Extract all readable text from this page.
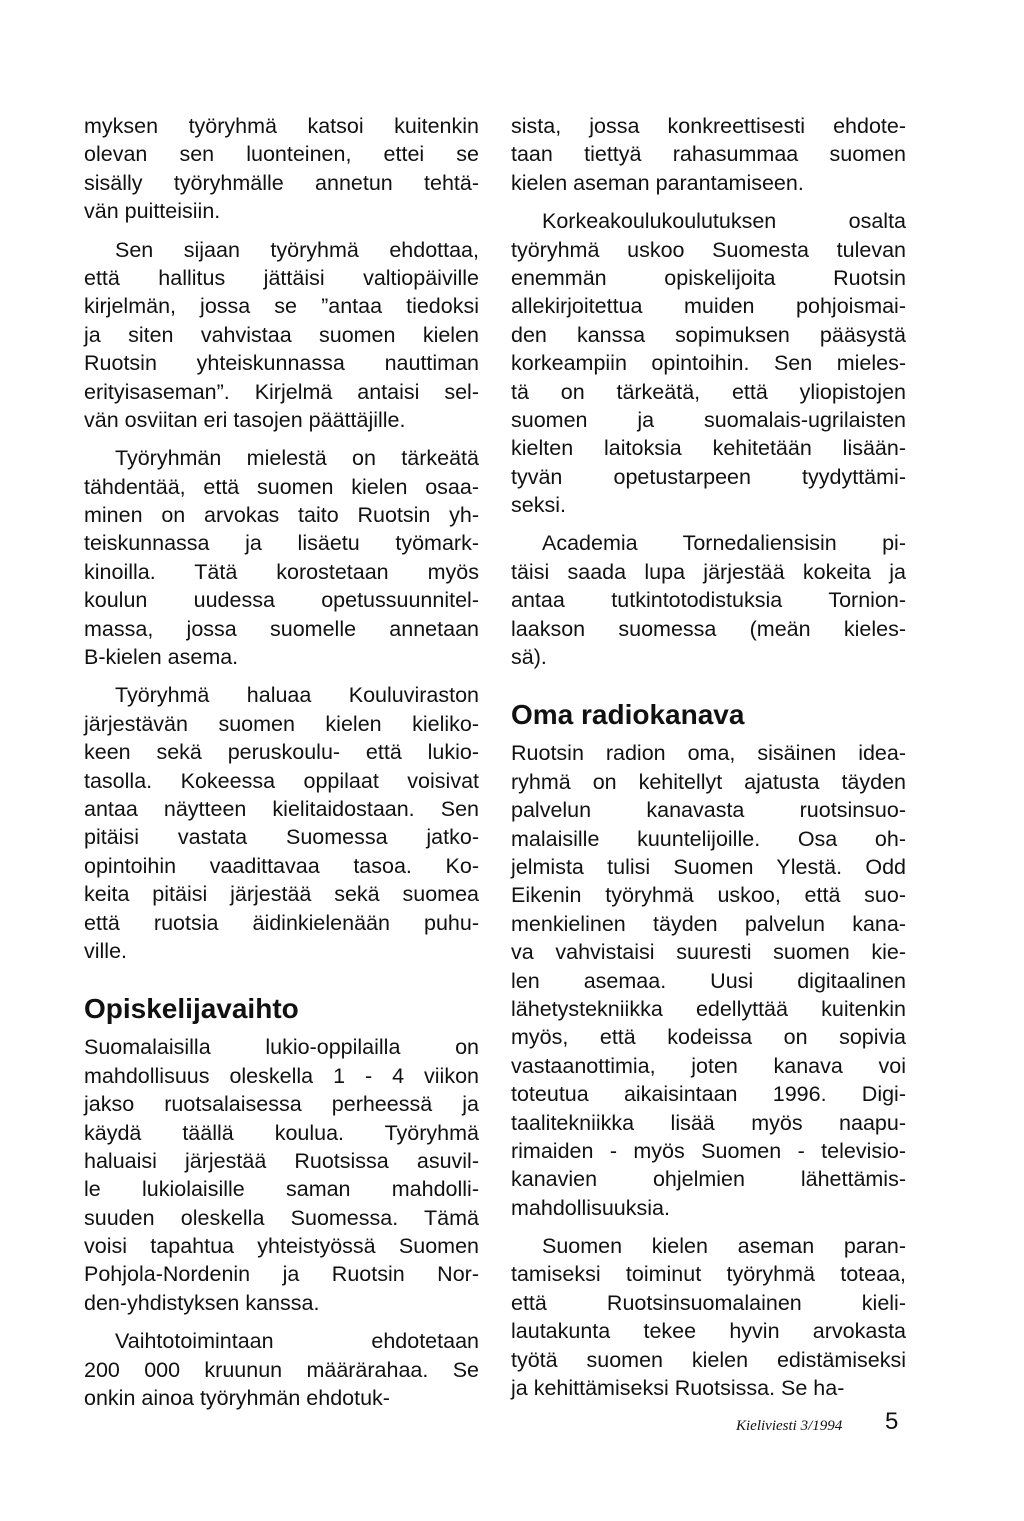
myksen työryhmä katsoi kuitenkin
olevan sen luonteinen, ettei se
sisälly työryhmälle annetun tehtä-
vän puitteisiin.
Sen sijaan työryhmä ehdottaa,
että hallitus jättäisi valtiopäiville
kirjelmän, jossa se ”antaa tiedoksi
ja siten vahvistaa suomen kielen
Ruotsin yhteiskunnassa nauttiman
erityisaseman”. Kirjelmä antaisi sel-
vän osviitan eri tasojen päättäjille.
Työryhmän mielestä on tärkeätä
tähdentää, että suomen kielen osaa-
minen on arvokas taito Ruotsin yh-
teiskunnassa ja lisäetu työmark-
kinoilla. Tätä korostetaan myös
koulun uudessa opetussuunnitel-
massa, jossa suomelle annetaan
B-kielen asema.
Työryhmä haluaa Kouluviraston
järjestävän suomen kielen kieliko-
keen sekä peruskoulu- että lukio-
tasolla. Kokeessa oppilaat voisivat
antaa näytteen kielitaidostaan. Sen
pitäisi vastata Suomessa jatko-
opintoihin vaadittavaa tasoa. Ko-
keita pitäisi järjestää sekä suomea
että ruotsia äidinkielenään puhu-
ville.
Opiskelijavaihto
Suomalaisilla lukio-oppilailla on
mahdollisuus oleskella 1 - 4 viikon
jakso ruotsalaisessa perheessä ja
käydä täällä koulua. Työryhmä
haluaisi järjestää Ruotsissa asuvil-
le lukiolaisille saman mahdolli-
suuden oleskella Suomessa. Tämä
voisi tapahtua yhteistyössä Suomen
Pohjola-Nordenin ja Ruotsin Nor-
den-yhdistyksen kanssa.
Vaihtotoimintaan ehdotetaan
200 000 kruunun määrärahaa. Se
onkin ainoa työryhmän ehdotuk-
sista, jossa konkreettisesti ehdote-
taan tiettyä rahasummaa suomen
kielen aseman parantamiseen.
Korkeakoulukoulutuksen osalta
työryhmä uskoo Suomesta tulevan
enemmän opiskelijoita Ruotsin
allekirjoitettua muiden pohjoismai-
den kanssa sopimuksen pääsystä
korkeampiin opintoihin. Sen mieles-
tä on tärkeätä, että yliopistojen
suomen ja suomalais-ugrilaisten
kielten laitoksia kehitetään lisään-
tyvän opetustarpeen tyydyttämi-
seksi.
Academia Tornedaliensisin pi-
täisi saada lupa järjestää kokeita ja
antaa tutkintotodistuksia Tornion-
laakson suomessa (meän kieles-
sä).
Oma radiokanava
Ruotsin radion oma, sisäinen idea-
ryhmä on kehitellyt ajatusta täyden
palvelun kanavasta ruotsinsuo-
malaisille kuuntelijoille. Osa oh-
jelmista tulisi Suomen Ylestä. Odd
Eikenin työryhmä uskoo, että suo-
menkielinen täyden palvelun kana-
va vahvistaisi suuresti suomen kie-
len asemaa. Uusi digitaalinen
lähetystekniikka edellyttää kuitenkin
myös, että kodeissa on sopivia
vastaanottimia, joten kanava voi
toteutua aikaisintaan 1996. Digi-
taalitekniikka lisää myös naapu-
rimaiden - myös Suomen - televisio-
kanavien ohjelmien lähettämis-
mahdollisuuksia.
Suomen kielen aseman paran-
tamiseksi toiminut työryhmä toteaa,
että Ruotsinsuomalainen kieli-
lautakunta tekee hyvin arvokasta
työtä suomen kielen edistämiseksi
ja kehittämiseksi Ruotsissa. Se ha-
Kieliviesti 3/1994 5
